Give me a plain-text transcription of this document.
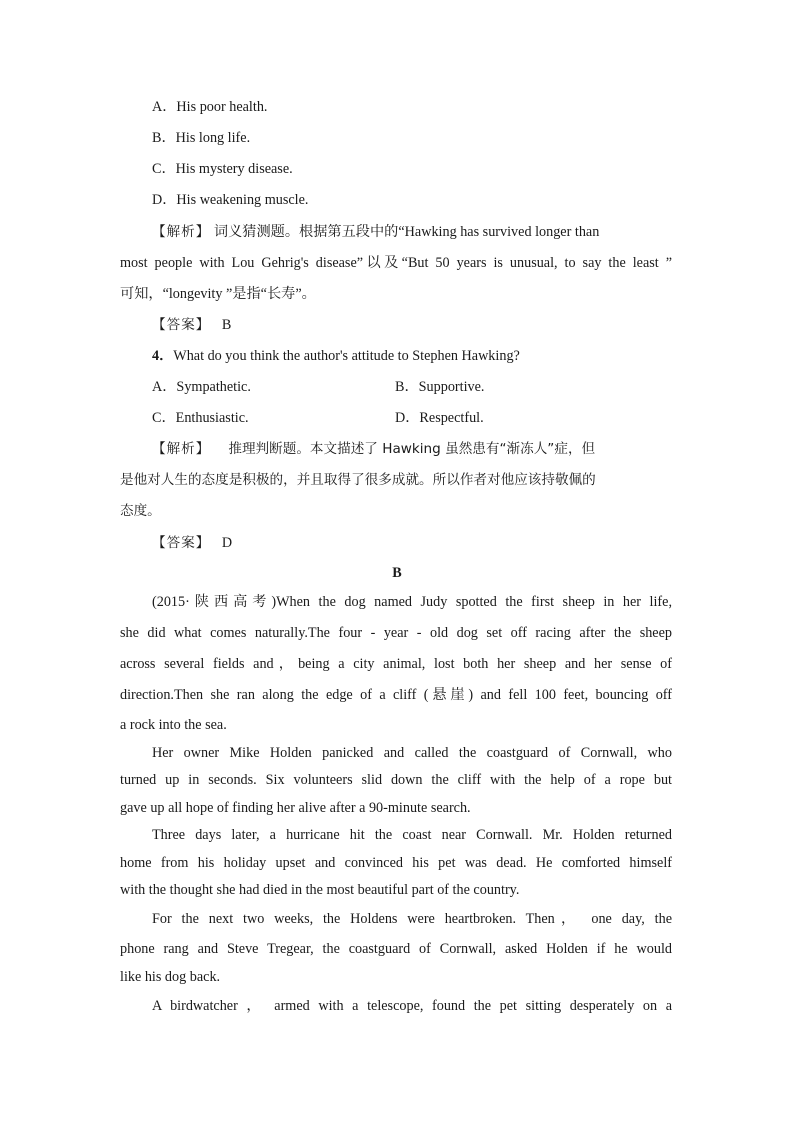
A．His poor health.
B．His long life.
C．His mystery disease.
D．His weakening muscle.
【解析】 词义猜测题。根据第五段中的“Hawking has survived longer than
most people with Lou Gehrig's disease”以及“But 50 years is unusual, to say the least ”
可知，“longevity ”是指“长寿”。
【答案】 B
4．What do you think the author's attitude to Stephen Hawking?
A．Sympathetic.	B．Supportive.
C．Enthusiastic.	D．Respectful.
【解析】 推理判断题。本文描述了 Hawking 虽然患有“渐冻人”症，但
是他对人生的态度是积极的，并且取得了很多成就。所以作者对他应该持敬佩的
态度。
【答案】 D
B
(2015·陕西高考)When the dog named Judy spotted the first sheep in her life,
she did what comes naturally.The four - year - old dog set off racing after the sheep
across several fields and，being a city animal, lost both her sheep and her sense of
direction.Then she ran along the edge of a cliff (悬崖) and fell 100 feet, bouncing off
a rock into the sea.
Her owner Mike Holden panicked and called the coastguard of Cornwall, who
turned up in seconds. Six volunteers slid down the cliff with the help of a rope but
gave up all hope of finding her alive after a 90-minute search.
Three days later, a hurricane hit the coast near Cornwall. Mr. Holden returned
home from his holiday upset and convinced his pet was dead. He comforted himself
with the thought she had died in the most beautiful part of the country.
For the next two weeks, the Holdens were heartbroken. Then， one day, the
phone rang and Steve Tregear, the coastguard of Cornwall, asked Holden if he would
like his dog back.
A birdwatcher ， armed with a telescope, found the pet sitting desperately on a
